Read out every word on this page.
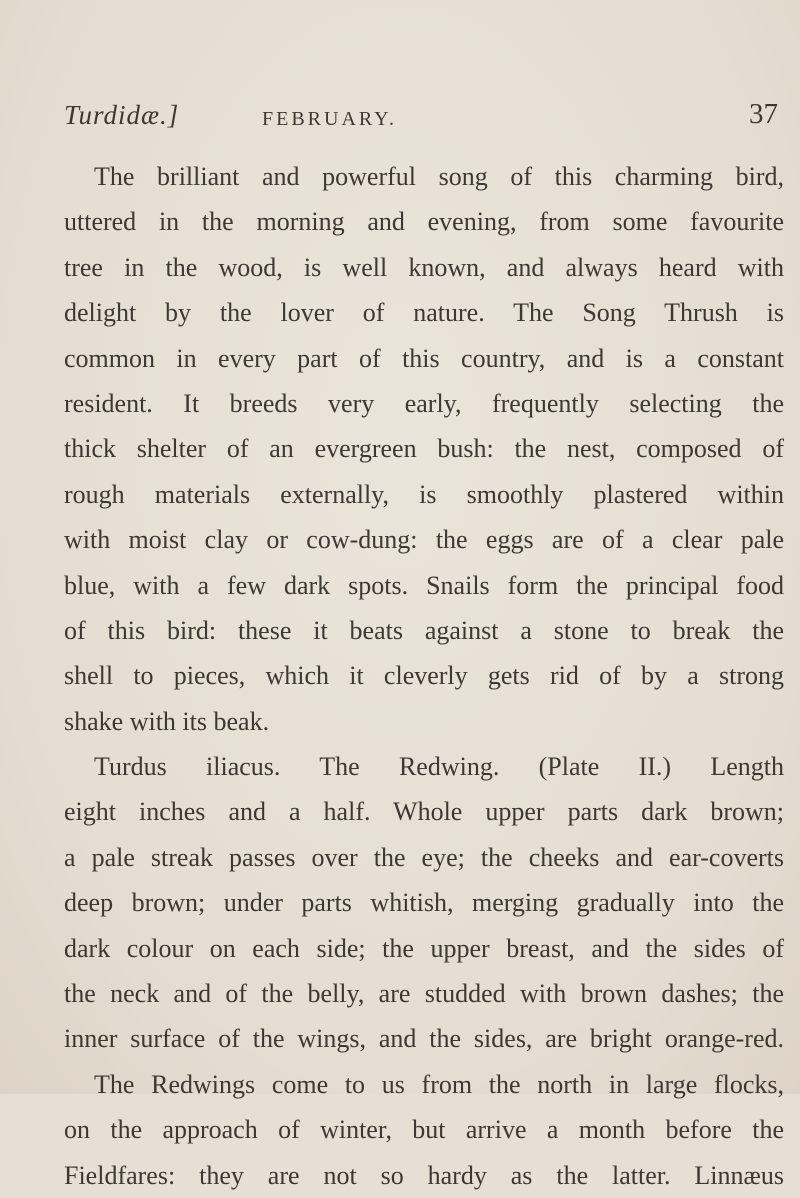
Turdidæ.]	FEBRUARY.	37
The brilliant and powerful song of this charming bird,
uttered in the morning and evening, from some favourite
tree in the wood, is well known, and always heard with
delight by the lover of nature. The Song Thrush is
common in every part of this country, and is a constant
resident. It breeds very early, frequently selecting the
thick shelter of an evergreen bush: the nest, composed of
rough materials externally, is smoothly plastered within
with moist clay or cow-dung: the eggs are of a clear pale
blue, with a few dark spots. Snails form the principal food
of this bird: these it beats against a stone to break the
shell to pieces, which it cleverly gets rid of by a strong
shake with its beak.
Turdus iliacus. The Redwing. (Plate II.) Length
eight inches and a half. Whole upper parts dark brown;
a pale streak passes over the eye; the cheeks and ear-coverts
deep brown; under parts whitish, merging gradually into the
dark colour on each side; the upper breast, and the sides of
the neck and of the belly, are studded with brown dashes; the
inner surface of the wings, and the sides, are bright orange-red.
The Redwings come to us from the north in large flocks,
on the approach of winter, but arrive a month before the
Fieldfares: they are not so hardy as the latter. Linnæus
